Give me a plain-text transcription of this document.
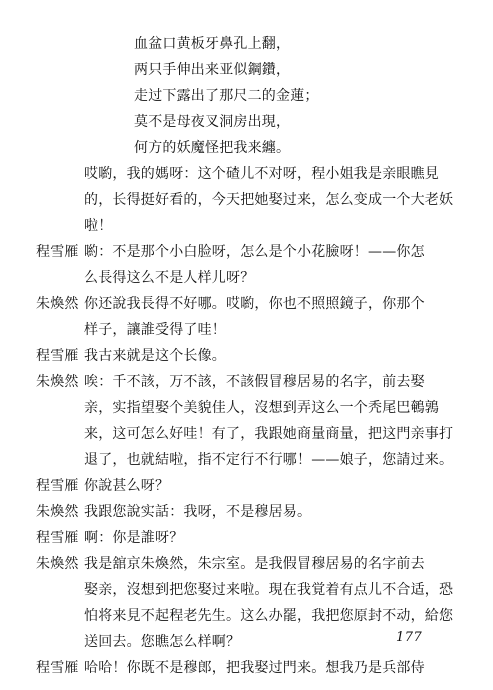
血盆口黄板牙鼻孔上翻，
两只手伸出来亚似鋼鑽，
走过下露出了那尺二的金蓮；
莫不是母夜叉洞房出現，
何方的妖魔怪把我来纏。
哎喲，我的媽呀：这个碴儿不对呀，程小姐我是亲眼瞧見
的，长得挺好看的，今天把她娶过来，怎么变成一个大老妖
啦！
程雪雁 喲：不是那个小白脸呀，怎么是个小花臉呀！——你怎
么長得这么不是人样儿呀？
朱煥然 你还說我長得不好哪。哎喲，你也不照照鏡子，你那个
样子，讓誰受得了哇！
程雪雁 我古来就是这个长像。
朱煥然 唉：千不該，万不該，不該假冒穆居易的名字，前去娶
亲，实指望娶个美貌佳人，沒想到弄这么一个秃尾巴鵪鶉
来，这可怎么好哇！有了，我跟她商量商量，把这門亲事打
退了，也就結啦，指不定行不行哪！——娘子，您請过来。
程雪雁 你說甚么呀？
朱煥然 我跟您說实話：我呀，不是穆居易。
程雪雁 啊：你是誰呀？
朱煥然 我是舘京朱煥然，朱宗室。是我假冒穆居易的名字前去
娶亲，沒想到把您娶过来啦。現在我覚着有点儿不合适，恐
怕将来見不起程老先生。这么办罷，我把您原封不动，給您
送回去。您瞧怎么样啊？
程雪雁 哈哈！你既不是穆郎，把我娶过門来。想我乃是兵部侍
177
